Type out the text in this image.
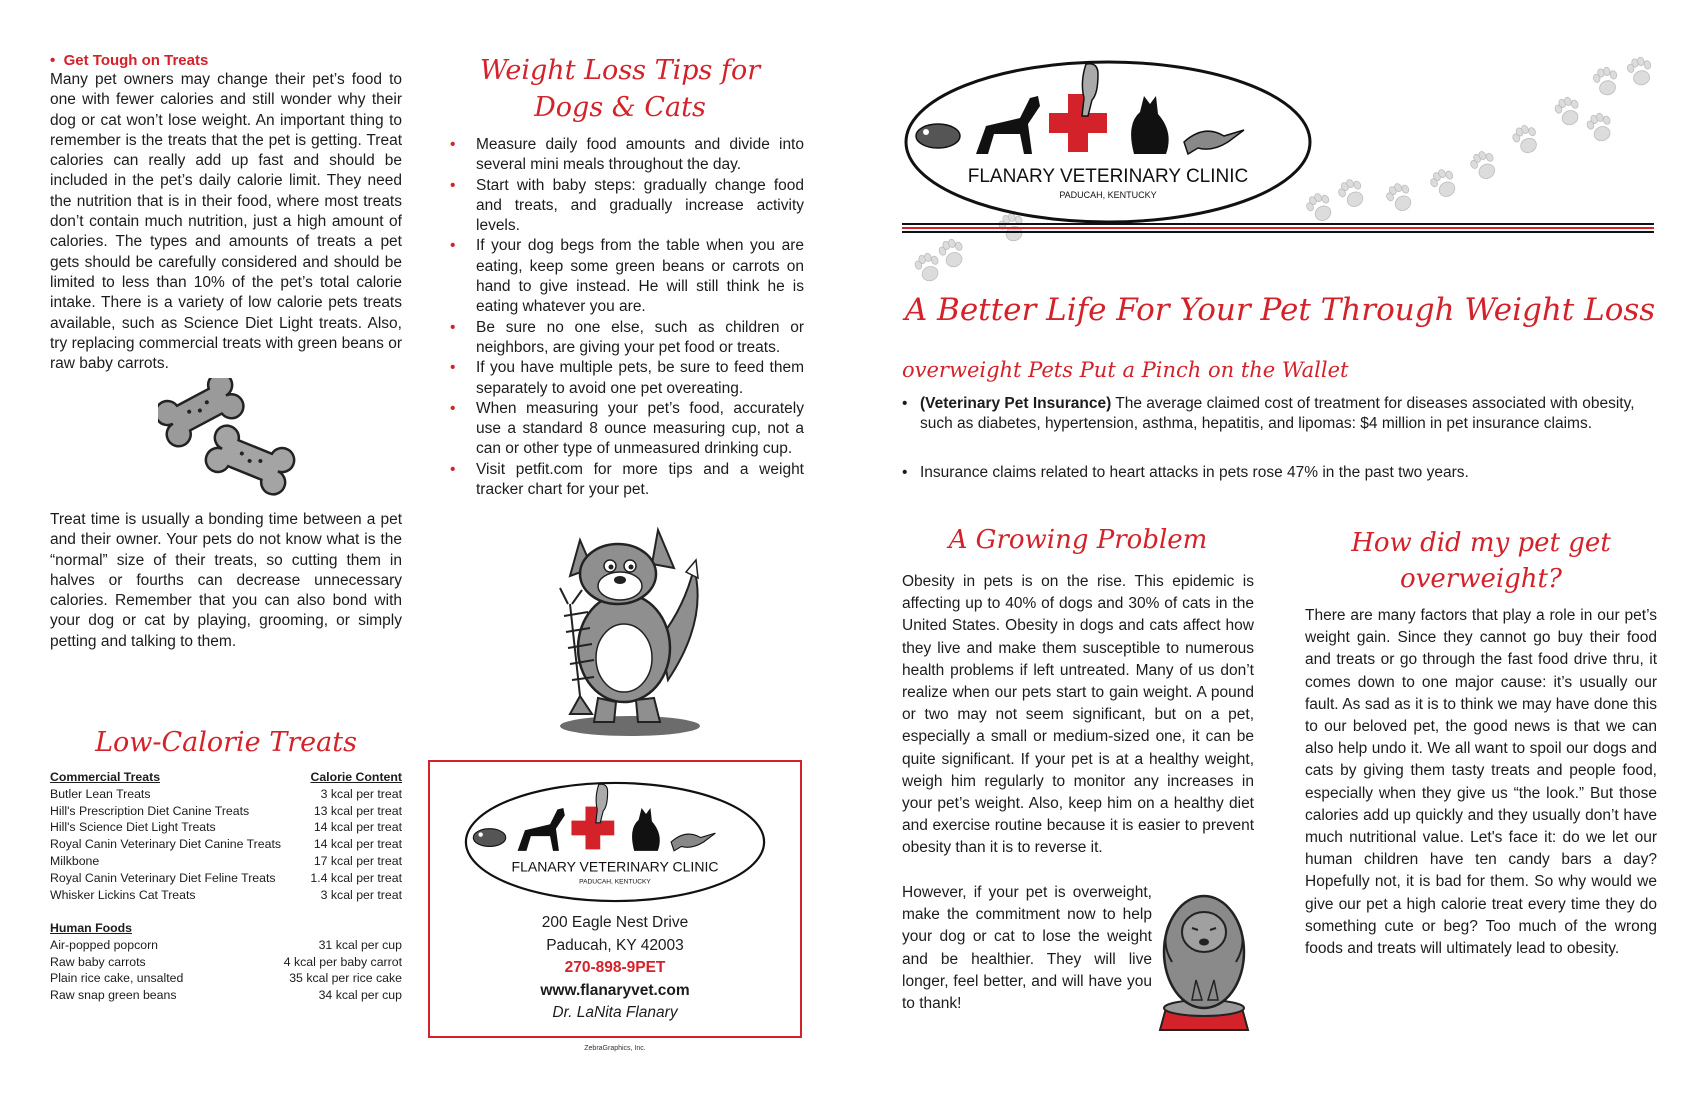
•  Get Tough on Treats
Many pet owners may change their pet’s food to one with fewer calories and still wonder why their dog or cat won’t lose weight. An important thing to remember is the treats that the pet is getting. Treat calories can really add up fast and should be included in the pet’s daily calorie limit. They need the nutrition that is in their food, where most treats don’t contain much nutrition, just a high amount of calories. The types and amounts of treats a pet gets should be carefully considered and should be limited to less than 10% of the pet’s total calorie intake. There is a variety of low calorie pets treats available, such as Science Diet Light treats. Also, try replacing commercial treats with green beans or raw baby carrots.
Treat time is usually a bonding time between a pet and their owner. Your pets do not know what is the “normal” size of their treats, so cutting them in halves or fourths can decrease unnecessary calories. Remember that you can also bond with your dog or cat by playing, grooming, or simply petting and talking to them.
Low-Calorie Treats
Commercial Treats	Calorie Content
Butler Lean Treats	3 kcal per treat
Hill's Prescription Diet Canine Treats	13 kcal per treat
Hill's Science Diet Light Treats	14 kcal per treat
Royal Canin Veterinary Diet Canine Treats	14 kcal per treat
Milkbone	17 kcal per treat
Royal Canin Veterinary Diet Feline Treats	1.4 kcal per treat
Whisker Lickins Cat Treats	3 kcal per treat
Human Foods
Air-popped popcorn	31 kcal per cup
Raw baby carrots	4 kcal per baby carrot
Plain rice cake, unsalted	35 kcal per rice cake
Raw snap green beans	34 kcal per cup
Weight Loss Tips for
Dogs & Cats
• Measure daily food amounts and divide into several mini meals throughout the day.
• Start with baby steps: gradually change food and treats, and gradually increase activity levels.
• If your dog begs from the table when you are eating, keep some green beans or carrots on hand to give instead. He will still think he is eating whatever you are.
• Be sure no one else, such as children or neighbors, are giving your pet food or treats.
• If you have multiple pets, be sure to feed them separately to avoid one pet overeating.
• When measuring your pet’s food, accurately use a standard 8 ounce measuring cup, not a can or other type of unmeasured drinking cup.
• Visit petfit.com for more tips and a weight tracker chart for your pet.
FLANARY VETERINARY CLINIC
PADUCAH, KENTUCKY
200 Eagle Nest Drive
Paducah, KY 42003
270-898-9PET
www.flanaryvet.com
Dr. LaNita Flanary
ZebraGraphics, Inc.
FLANARY VETERINARY CLINIC
PADUCAH, KENTUCKY
A Better Life For Your Pet Through Weight Loss
overweight Pets Put a Pinch on the Wallet
• (Veterinary Pet Insurance) The average claimed cost of treatment for diseases associated with obesity, such as diabetes, hypertension, asthma, hepatitis, and lipomas: $4 million in pet insurance claims.
• Insurance claims related to heart attacks in pets rose 47% in the past two years.
A Growing Problem
Obesity in pets is on the rise. This epidemic is affecting up to 40% of dogs and 30% of cats in the United States. Obesity in dogs and cats affect how they live and make them susceptible to numerous health problems if left untreated. Many of us don’t realize when our pets start to gain weight. A pound or two may not seem significant, but on a pet, especially a small or medium-sized one, it can be quite significant. If your pet is at a healthy weight, weigh him regularly to monitor any increases in your pet’s weight. Also, keep him on a healthy diet and exercise routine because it is easier to prevent obesity than it is to reverse it.
However, if your pet is overweight, make the commitment now to help your dog or cat to lose the weight and be healthier. They will live longer, feel better, and will have you to thank!
How did my pet get
overweight?
There are many factors that play a role in our pet’s weight gain. Since they cannot go buy their food and treats or go through the fast food drive thru, it comes down to one major cause: it’s usually our fault. As sad as it is to think we may have done this to our beloved pet, the good news is that we can also help undo it. We all want to spoil our dogs and cats by giving them tasty treats and people food, especially when they give us “the look.” But those calories add up quickly and they usually don’t have much nutritional value. Let's face it: do we let our human children have ten candy bars a day? Hopefully not, it is bad for them. So why would we give our pet a high calorie treat every time they do something cute or beg? Too much of the wrong foods and treats will ultimately lead to obesity.
